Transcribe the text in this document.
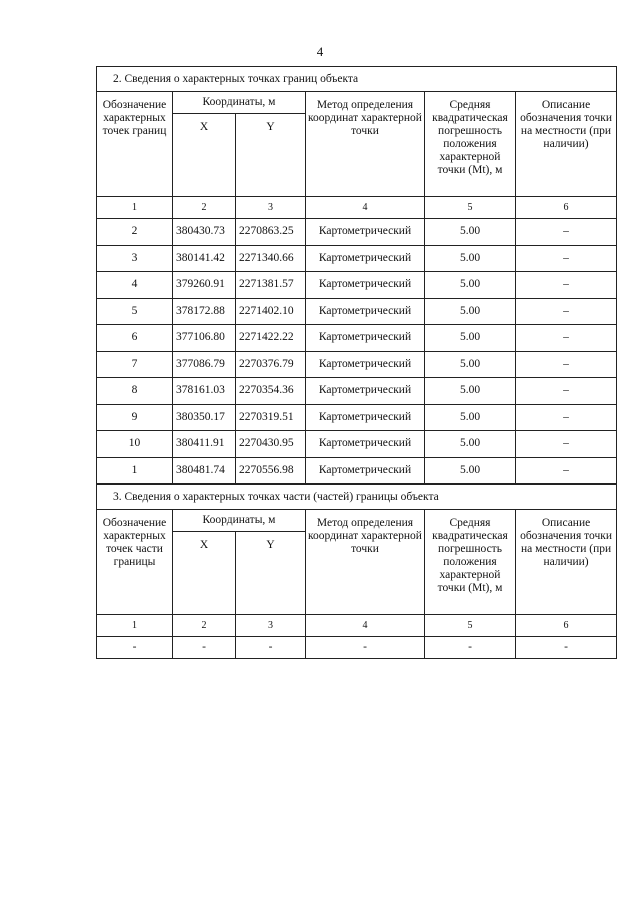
4
2. Сведения о характерных точках границ объекта					
Обозначение характерных точек границ	Координаты, м		Метод определения координат характерной точки	Средняя квадратическая погрешность положения характерной точки (Mt), м	Описание обозначения точки на местности (при наличии)
	X	Y			
1	2	3	4	5	6
2	380430.73	2270863.25	Картометрический	5.00	–
3	380141.42	2271340.66	Картометрический	5.00	–
4	379260.91	2271381.57	Картометрический	5.00	–
5	378172.88	2271402.10	Картометрический	5.00	–
6	377106.80	2271422.22	Картометрический	5.00	–
7	377086.79	2270376.79	Картометрический	5.00	–
8	378161.03	2270354.36	Картометрический	5.00	–
9	380350.17	2270319.51	Картометрический	5.00	–
10	380411.91	2270430.95	Картометрический	5.00	–
1	380481.74	2270556.98	Картометрический	5.00	–
3. Сведения о характерных точках части (частей) границы объекта					
Обозначение характерных точек части границы	Координаты, м		Метод определения координат характерной точки	Средняя квадратическая погрешность положения характерной точки (Mt), м	Описание обозначения точки на местности (при наличии)
	X	Y			
1	2	3	4	5	6
-	-	-	-	-	-
